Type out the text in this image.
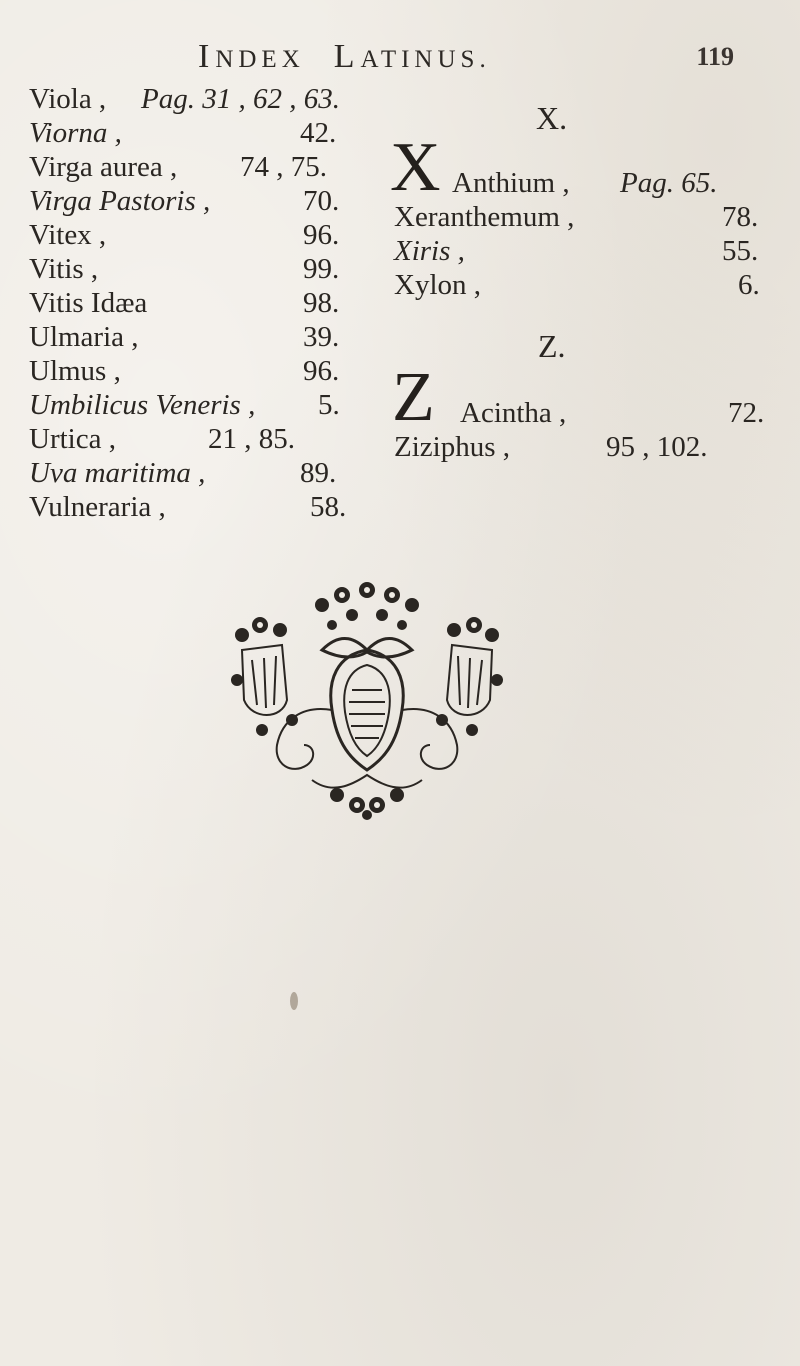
INDEX LATINUS.	119
Viola , Pag. 31 , 62 , 63.
Viorna ,	42.
Virga aurea , 74 , 75.
Virga Pastoris ,	70.
Vitex ,	96.
Vitis ,	99.
Vitis Idæa	98.
Ulmaria ,	39.
Ulmus ,	96.
Umbilicus Veneris , 5.
Urtica ,	21 , 85.
Uva maritima ,	89.
Vulneraria ,	58.
X.
X Anthium , Pag. 65.
Xeranthemum ,	78.
Xiris ,	55.
Xylon ,	6.
Z.
Z Acintha ,	72.
Ziziphus ,	95 , 102.
